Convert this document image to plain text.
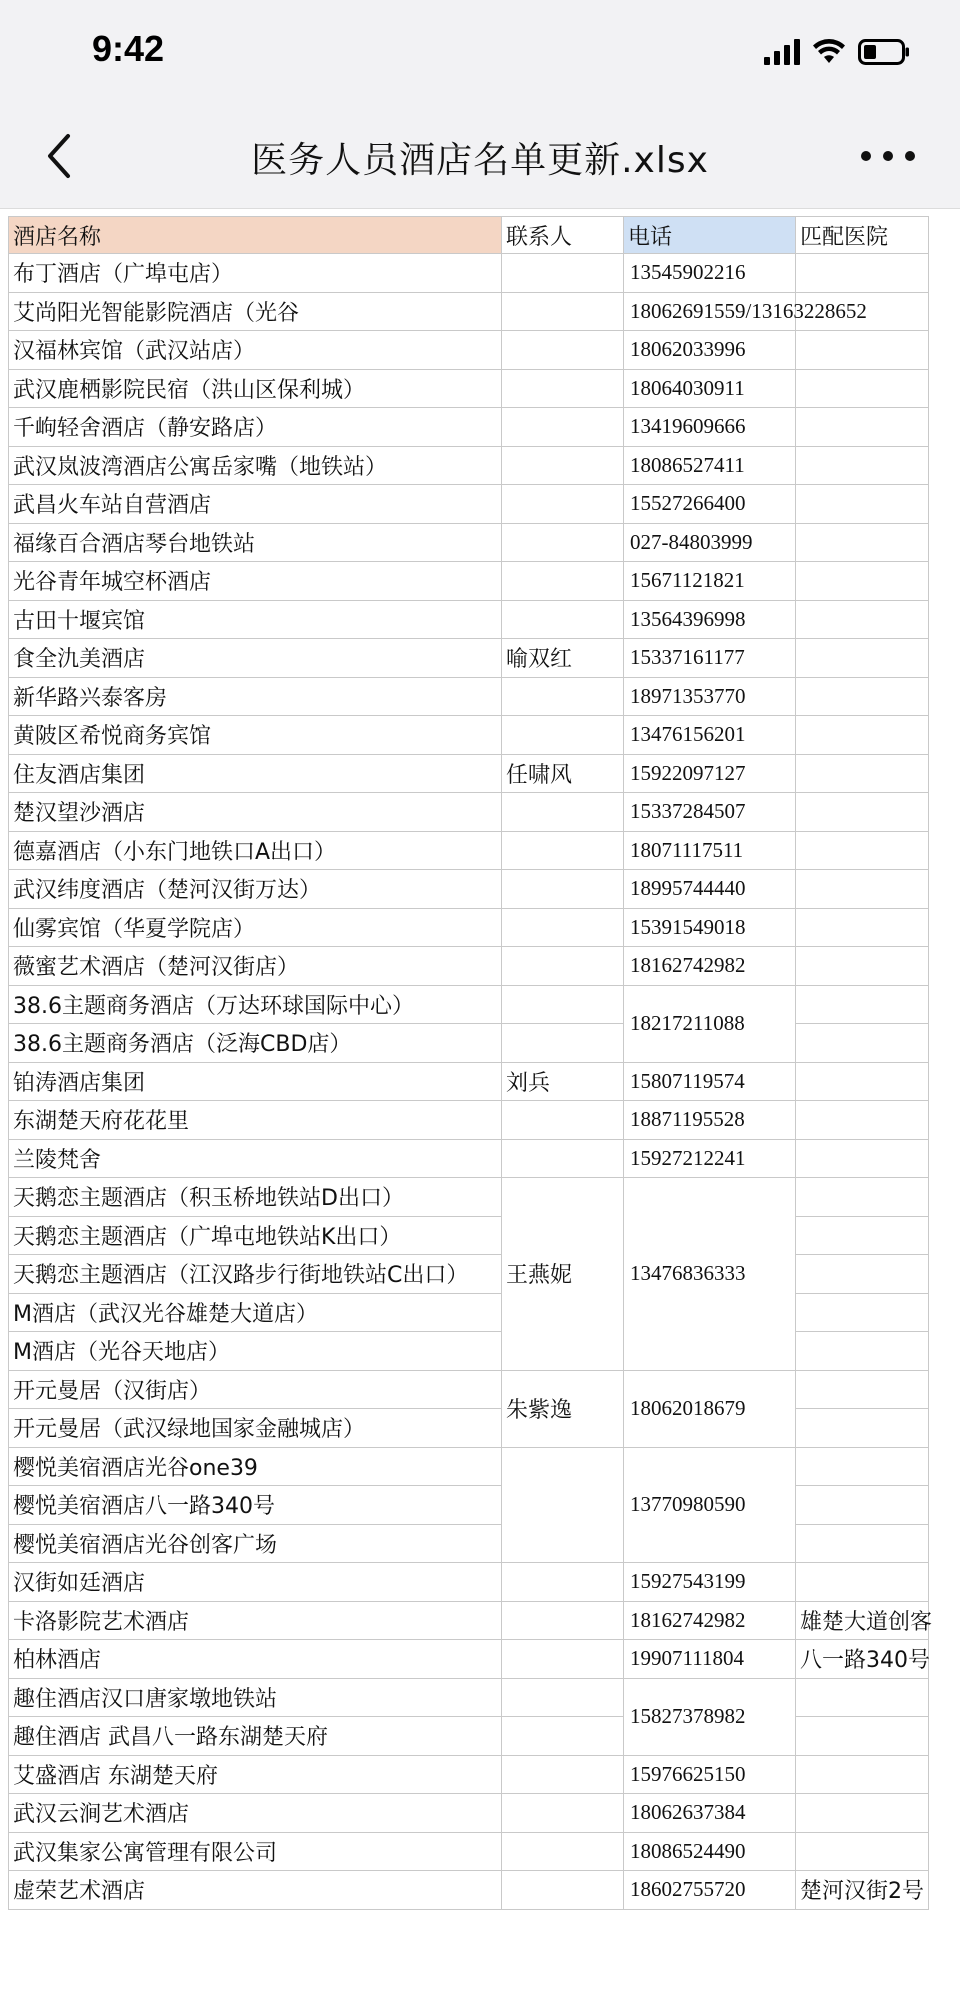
9:42
医务人员酒店名单更新.xlsx
酒店名称	联系人	电话	匹配医院
布丁酒店（广埠屯店）		13545902216	
艾尚阳光智能影院酒店（光谷		18062691559/13163228652	
汉福林宾馆（武汉站店）		18062033996	
武汉鹿栖影院民宿（洪山区保利城）		18064030911	
千岣轻舍酒店（静安路店）		13419609666	
武汉岚波湾酒店公寓岳家嘴（地铁站）		18086527411	
武昌火车站自营酒店		15527266400	
福缘百合酒店琴台地铁站		027-84803999	
光谷青年城空杯酒店		15671121821	
古田十堰宾馆		13564396998	
食全氿美酒店	喻双红	15337161177	
新华路兴泰客房		18971353770	
黄陂区希悦商务宾馆		13476156201	
住友酒店集团	任啸风	15922097127	
楚汉望沙酒店		15337284507	
德嘉酒店（小东门地铁口A出口）		18071117511	
武汉纬度酒店（楚河汉街万达）		18995744440	
仙雾宾馆（华夏学院店）		15391549018	
薇蜜艺术酒店（楚河汉街店）		18162742982	
38.6主题商务酒店（万达环球国际中心）		18217211088	
38.6主题商务酒店（泛海CBD店）			
铂涛酒店集团	刘兵	15807119574	
东湖楚天府花花里		18871195528	
兰陵梵舍		15927212241	
天鹅恋主题酒店（积玉桥地铁站D出口）	王燕妮	13476836333	
天鹅恋主题酒店（广埠屯地铁站K出口）			
天鹅恋主题酒店（江汉路步行街地铁站C出口）			
M酒店（武汉光谷雄楚大道店）			
M酒店（光谷天地店）			
开元曼居（汉街店）	朱紫逸	18062018679	
开元曼居（武汉绿地国家金融城店）			
樱悦美宿酒店光谷one39		13770980590	
樱悦美宿酒店八一路340号			
樱悦美宿酒店光谷创客广场			
汉街如廷酒店		15927543199	
卡洛影院艺术酒店		18162742982	雄楚大道创客
柏林酒店		19907111804	八一路340号
趣住酒店汉口唐家墩地铁站		15827378982	
趣住酒店 武昌八一路东湖楚天府			
艾盛酒店 东湖楚天府		15976625150	
武汉云涧艺术酒店		18062637384	
武汉集家公寓管理有限公司		18086524490	
虚荣艺术酒店		18602755720	楚河汉街2号
